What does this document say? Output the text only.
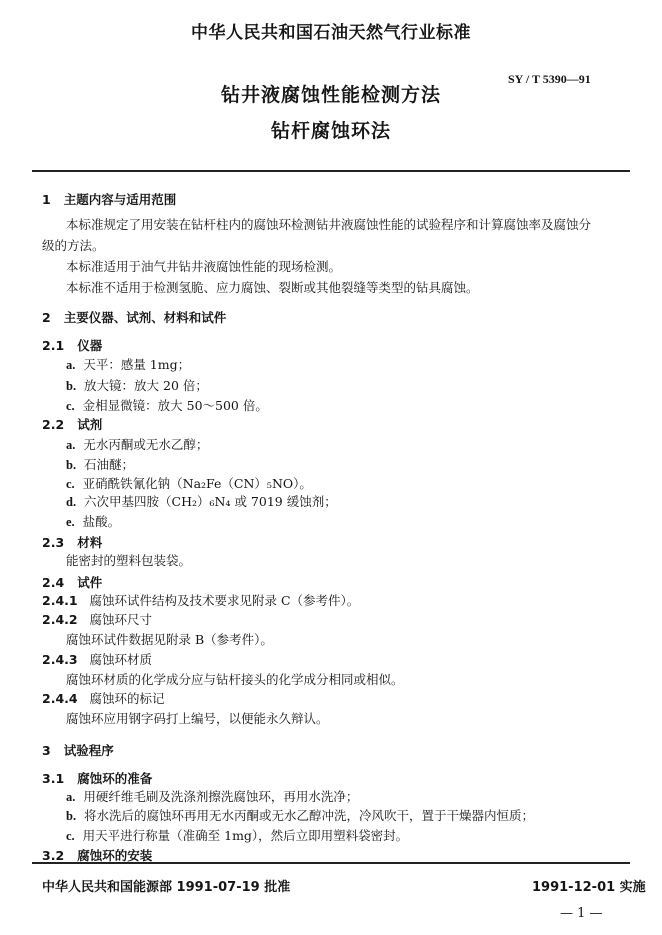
中华人民共和国石油天然气行业标准
SY / T 5390—91
钻井液腐蚀性能检测方法
钻杆腐蚀环法
1 主题内容与适用范围
本标准规定了用安装在钻杆柱内的腐蚀环检测钻井液腐蚀性能的试验程序和计算腐蚀率及腐蚀分
级的方法。
本标准适用于油气井钻井液腐蚀性能的现场检测。
本标准不适用于检测氢脆、应力腐蚀、裂断或其他裂缝等类型的钻具腐蚀。
2 主要仪器、试剂、材料和试件
2.1 仪器
a. 天平：感量 1mg；
b. 放大镜：放大 20 倍；
c. 金相显微镜：放大 50～500 倍。
2.2 试剂
a. 无水丙酮或无水乙醇；
b. 石油醚；
c. 亚硝酰铁氰化钠（Na₂Fe（CN）₅NO）。
d. 六次甲基四胺（CH₂）₆N₄ 或 7019 缓蚀剂；
e. 盐酸。
2.3 材料
能密封的塑料包装袋。
2.4 试件
2.4.1 腐蚀环试件结构及技术要求见附录 C（参考件）。
2.4.2 腐蚀环尺寸
腐蚀环试件数据见附录 B（参考件）。
2.4.3 腐蚀环材质
腐蚀环材质的化学成分应与钻杆接头的化学成分相同或相似。
2.4.4 腐蚀环的标记
腐蚀环应用钢字码打上编号，以便能永久辩认。
3 试验程序
3.1 腐蚀环的准备
a. 用硬纤维毛刷及洗涤剂擦洗腐蚀环，再用水洗净；
b. 将水洗后的腐蚀环再用无水丙酮或无水乙醇冲洗，冷风吹干，置于干燥器内恒质；
c. 用天平进行称量（准确至 1mg），然后立即用塑料袋密封。
3.2 腐蚀环的安装
中华人民共和国能源部 1991-07-19 批准	1991-12-01 实施
— 1 —
